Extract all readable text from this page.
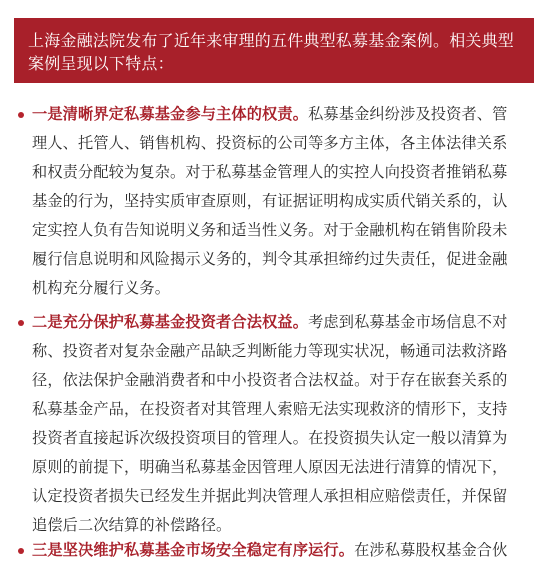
上海金融法院发布了近年来审理的五件典型私募基金案例。相关典型
案例呈现以下特点：
一是清晰界定私募基金参与主体的权责。私募基金纠纷涉及投资者、管
理人、托管人、销售机构、投资标的公司等多方主体，各主体法律关系
和权责分配较为复杂。对于私募基金管理人的实控人向投资者推销私募
基金的行为，坚持实质审查原则，有证据证明构成实质代销关系的，认
定实控人负有告知说明义务和适当性义务。对于金融机构在销售阶段未
履行信息说明和风险揭示义务的，判令其承担缔约过失责任，促进金融
机构充分履行义务。
二是充分保护私募基金投资者合法权益。考虑到私募基金市场信息不对
称、投资者对复杂金融产品缺乏判断能力等现实状况，畅通司法救济路
径，依法保护金融消费者和中小投资者合法权益。对于存在嵌套关系的
私募基金产品，在投资者对其管理人索赔无法实现救济的情形下，支持
投资者直接起诉次级投资项目的管理人。在投资损失认定一般以清算为
原则的前提下，明确当私募基金因管理人原因无法进行清算的情况下，
认定投资者损失已经发生并据此判决管理人承担相应赔偿责任，并保留
追偿后二次结算的补偿路径。
三是坚决维护私募基金市场安全稳定有序运行。在涉私募股权基金合伙
